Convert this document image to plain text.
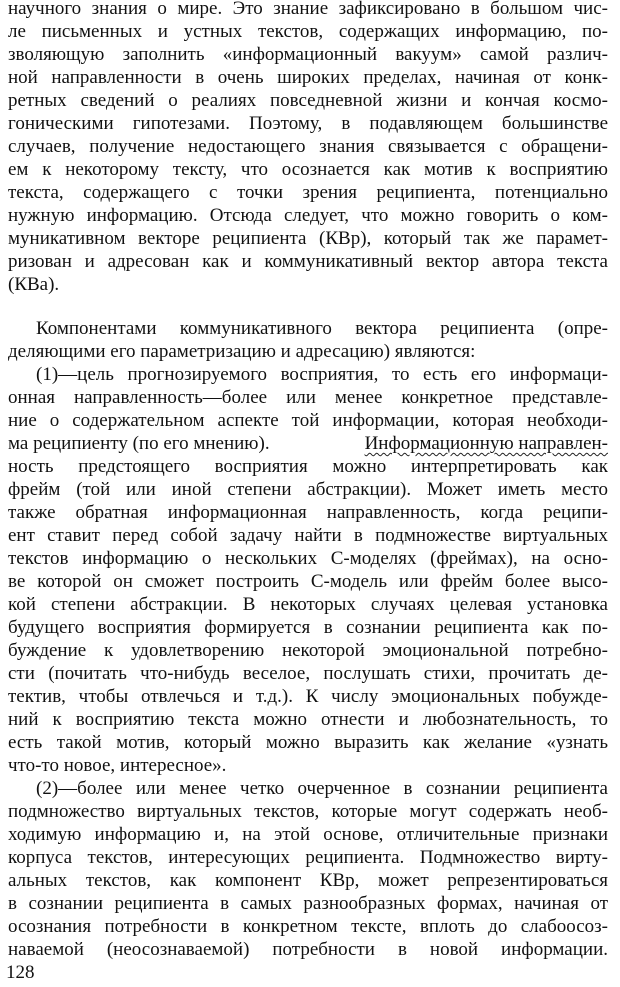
научного знания о мире. Это знание зафиксировано в большом чис-
ле письменных и устных текстов, содержащих информацию, по-
зволяющую заполнить «информационный вакуум» самой различ-
ной направленности в очень широких пределах, начиная от конк-
ретных сведений о реалиях повседневной жизни и кончая космо-
гоническими гипотезами. Поэтому, в подавляющем большинстве
случаев, получение недостающего знания связывается с обращени-
ем к некоторому тексту, что осознается как мотив к восприятию
текста, содержащего с точки зрения реципиента, потенциально
нужную информацию. Отсюда следует, что можно говорить о ком-
муникативном векторе реципиента (КВр), который так же парамет-
ризован и адресован как и коммуникативный вектор автора текста
(КВа).
Компонентами коммуникативного вектора реципиента (опре-
деляющими его параметризацию и адресацию) являются:
(1)—цель прогнозируемого восприятия, то есть его информаци-
онная направленность—более или менее конкретное представле-
ние о содержательном аспекте той информации, которая необходи-
ма реципиенту (по его мнению).	Информационную направлен-
ность предстоящего восприятия можно интерпретировать как
фрейм (той или иной степени абстракции). Может иметь место
также обратная информационная направленность, когда реципи-
ент ставит перед собой задачу найти в подмножестве виртуальных
текстов информацию о нескольких С-моделях (фреймах), на осно-
ве которой он сможет построить С-модель или фрейм более высо-
кой степени абстракции. В некоторых случаях целевая установка
будущего восприятия формируется в сознании реципиента как по-
буждение к удовлетворению некоторой эмоциональной потребно-
сти (почитать что-нибудь веселое, послушать стихи, прочитать де-
тектив, чтобы отвлечься и т.д.). К числу эмоциональных побужде-
ний к восприятию текста можно отнести и любознательность, то
есть такой мотив, который можно выразить как желание «узнать
что-то новое, интересное».
(2)—более или менее четко очерченное в сознании реципиента
подмножество виртуальных текстов, которые могут содержать необ-
ходимую информацию и, на этой основе, отличительные признаки
корпуса текстов, интересующих реципиента. Подмножество вирту-
альных текстов, как компонент КВр, может репрезентироваться
в сознании реципиента в самых разнообразных формах, начиная от
осознания потребности в конкретном тексте, вплоть до слабоосоз-
наваемой (неосознаваемой) потребности в новой информации.
128
